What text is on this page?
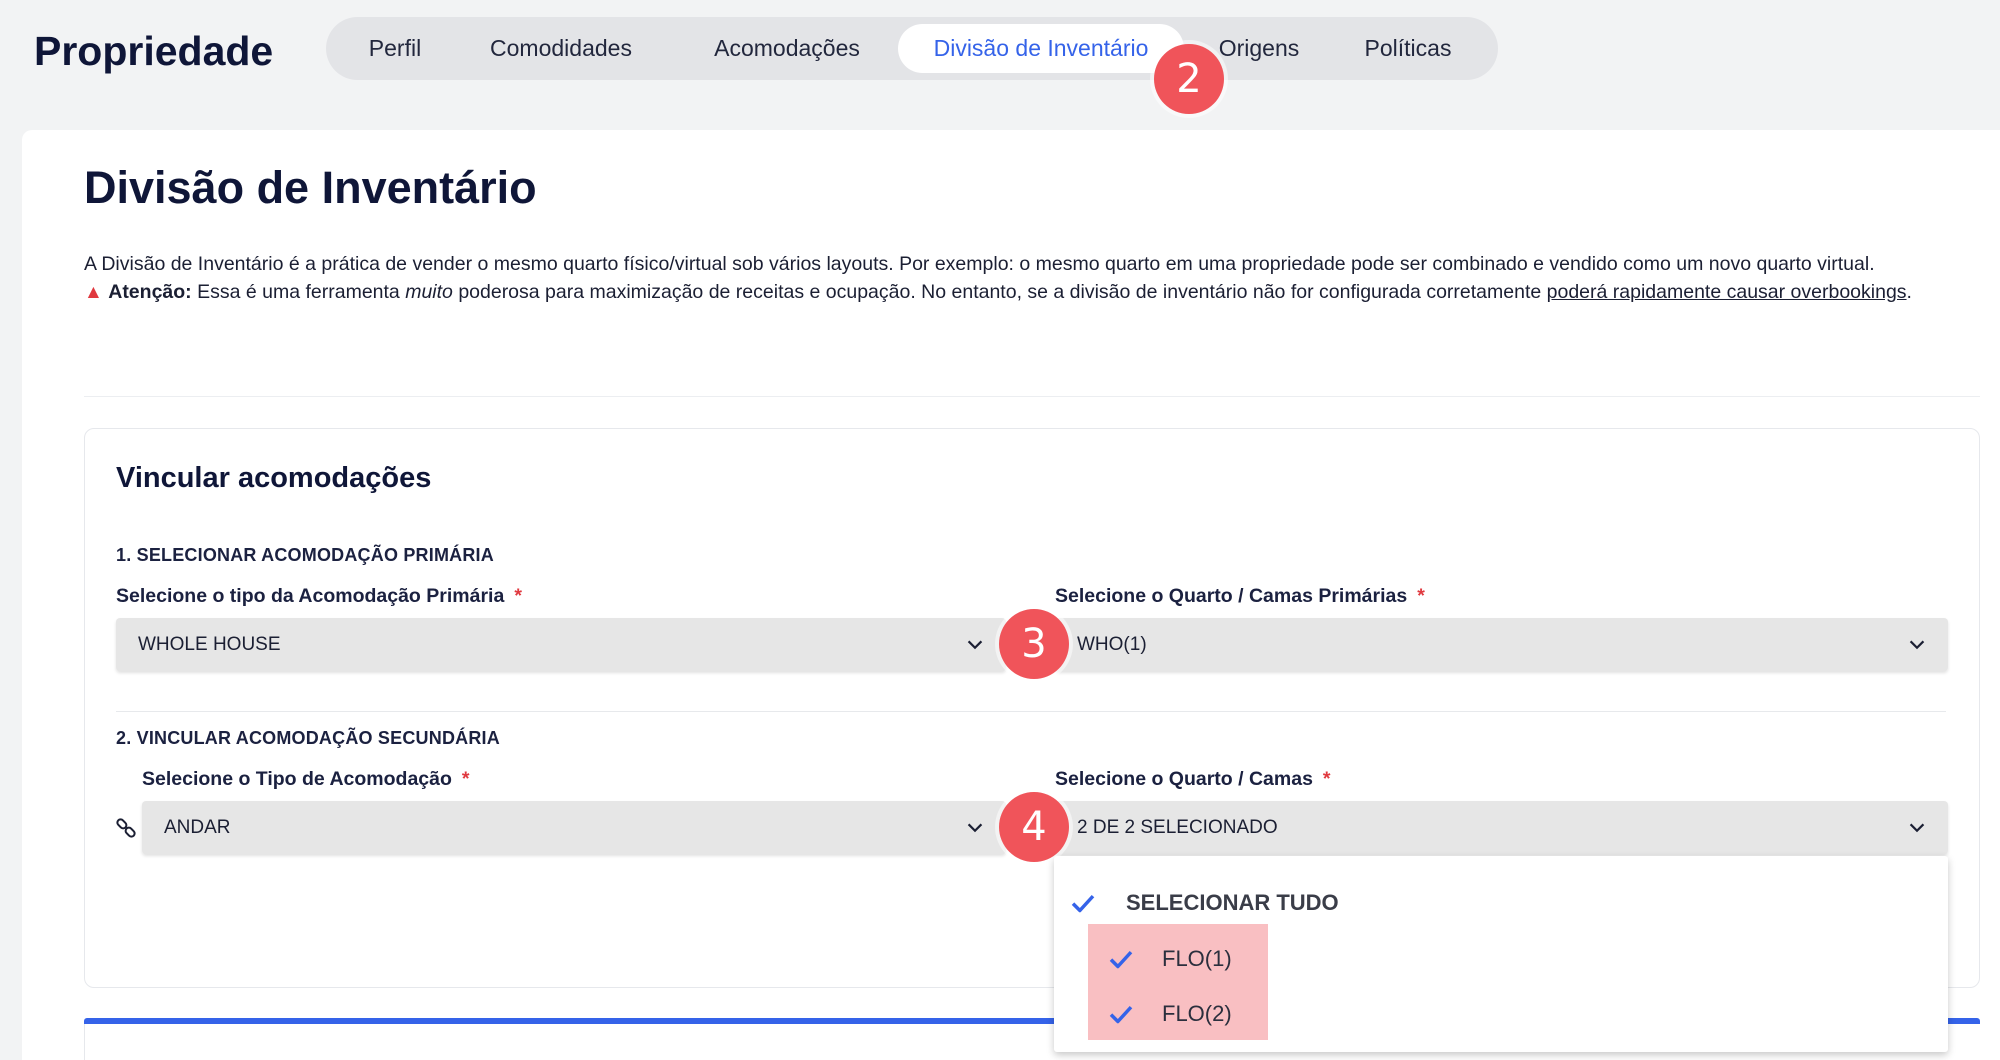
Propriedade	Perfil	Comodidades	Acomodações	Divisão de Inventário	Origens	Políticas
2
Divisão de Inventário
A Divisão de Inventário é a prática de vender o mesmo quarto físico/virtual sob vários layouts. Por exemplo: o mesmo quarto em uma propriedade pode ser combinado e vendido como um novo quarto virtual.
▲ Atenção: Essa é uma ferramenta muito poderosa para maximização de receitas e ocupação. No entanto, se a divisão de inventário não for configurada corretamente poderá rapidamente causar overbookings.
Vincular acomodações
1. SELECIONAR ACOMODAÇÃO PRIMÁRIA
Selecione o tipo da Acomodação Primária *
WHOLE HOUSE
Selecione o Quarto / Camas Primárias *
WHO(1)
3
2. VINCULAR ACOMODAÇÃO SECUNDÁRIA
Selecione o Tipo de Acomodação *
ANDAR
Selecione o Quarto / Camas *
2 DE 2 SELECIONADO
4
SELECIONAR TUDO
FLO(1)
FLO(2)
